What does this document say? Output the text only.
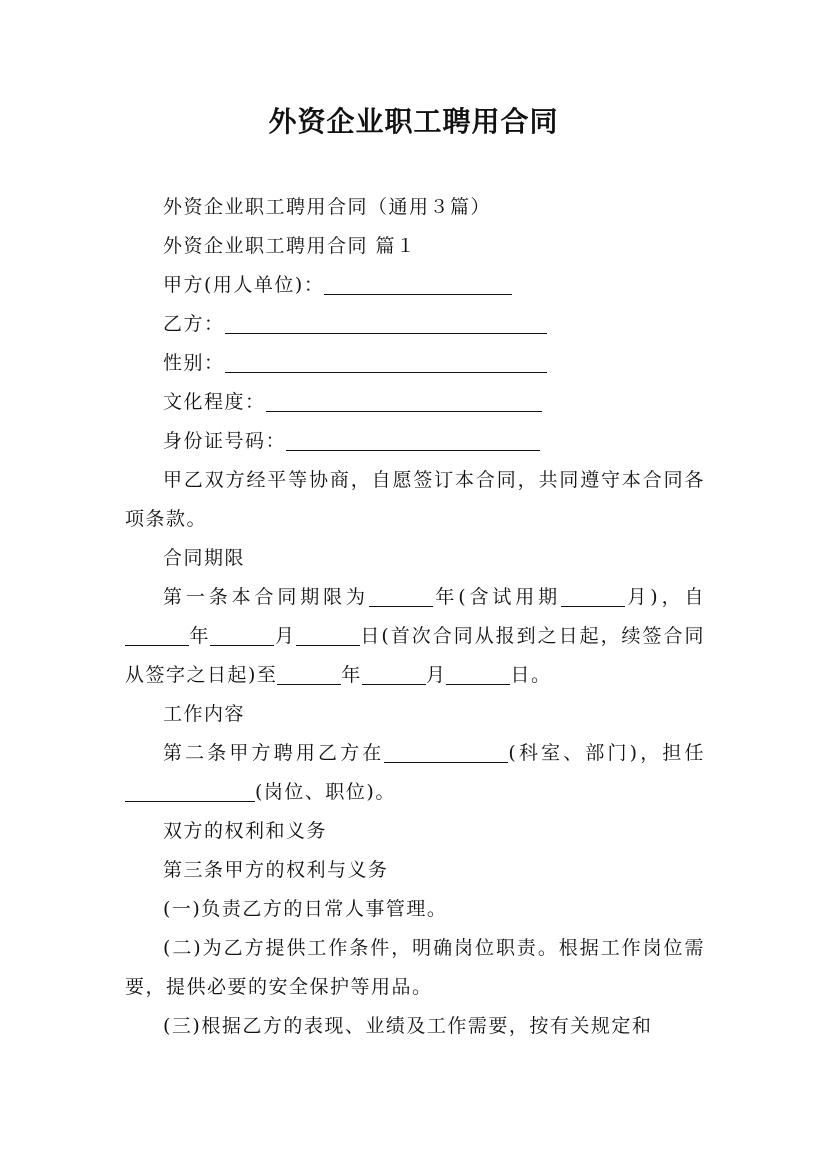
外资企业职工聘用合同

外资企业职工聘用合同（通用３篇）

外资企业职工聘用合同 篇１

甲方(用人单位)：

乙方：

性别：

文化程度：

身份证号码：

甲乙双方经平等协商，自愿签订本合同，共同遵守本合同各项条款。

合同期限

第一条本合同期限为	年(含试用期	月)，自年	月	日(首次合同从报到之日起，续签合同从签字之日起)至	年	月	日。

工作内容

第二条甲方聘用乙方在	(科室、部门)，担任(岗位、职位)。

双方的权利和义务

第三条甲方的权利与义务

(一)负责乙方的日常人事管理。

(二)为乙方提供工作条件，明确岗位职责。根据工作岗位需要，提供必要的安全保护等用品。

(三)根据乙方的表现、业绩及工作需要，按有关规定和
